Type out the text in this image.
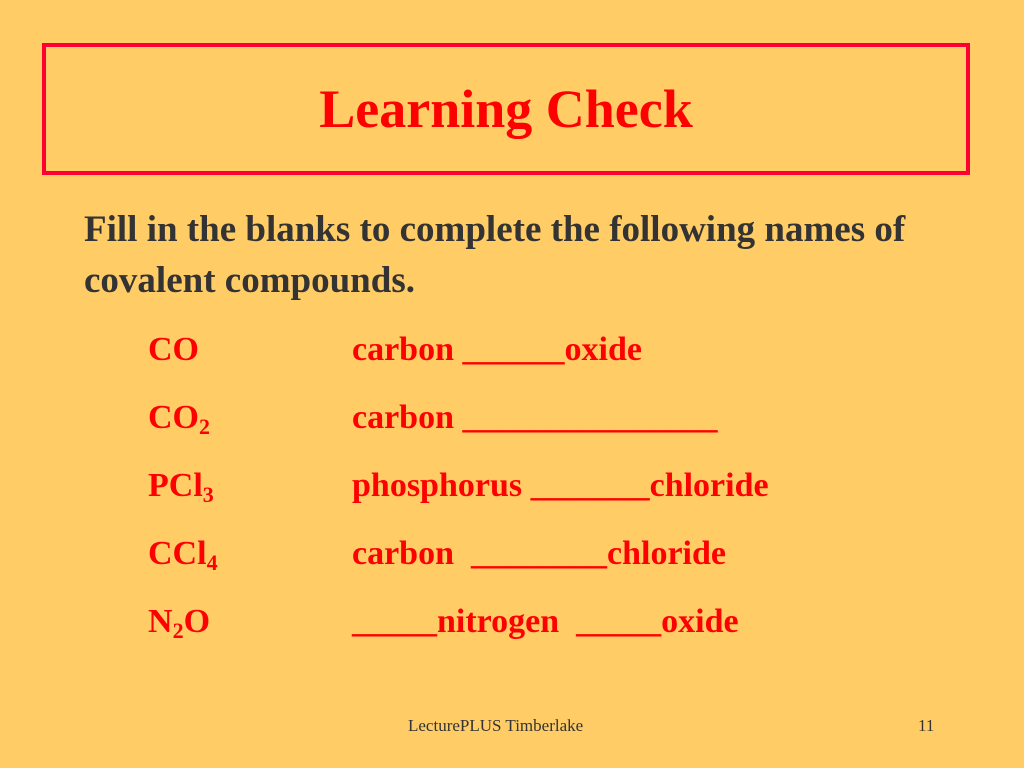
Learning Check

Fill in the blanks to complete the following names of covalent compounds.

CO	carbon ______oxide
$CO_2$	carbon _______________
PCl$_3$	phosphorus _______chloride
CCl$_4$	carbon  ________chloride
$N_2O$	_____nitrogen  _____oxide
LecturePLUS Timberlake	11
